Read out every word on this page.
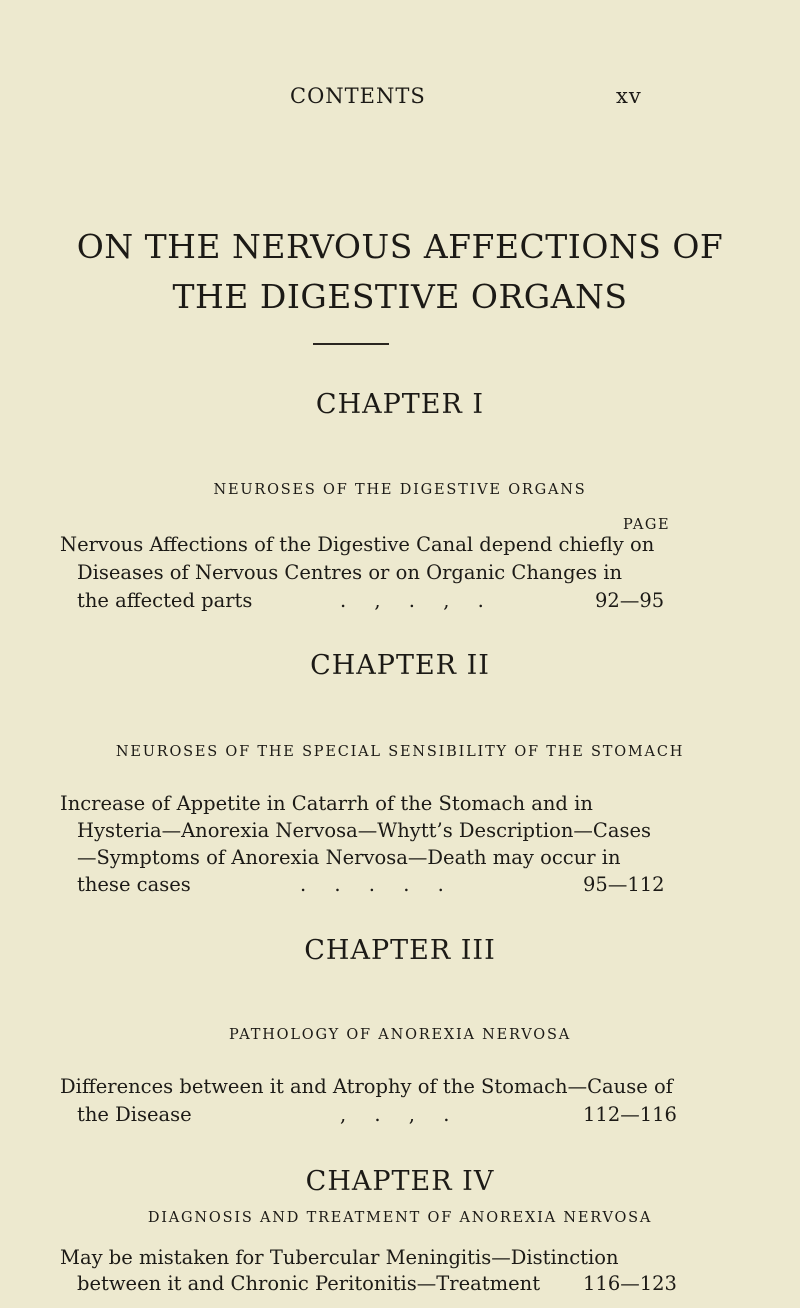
CONTENTS	xv
ON THE NERVOUS AFFECTIONS OF THE DIGESTIVE ORGANS
CHAPTER I
NEUROSES OF THE DIGESTIVE ORGANS
PAGE
Nervous Affections of the Digestive Canal depend chiefly on
Diseases of Nervous Centres or on Organic Changes in
the affected parts	. , . , .	92—95
CHAPTER II
NEUROSES OF THE SPECIAL SENSIBILITY OF THE STOMACH
Increase of Appetite in Catarrh of the Stomach and in
Hysteria—Anorexia Nervosa—Whytt’s Description—Cases
—Symptoms of Anorexia Nervosa—Death may occur in
these cases	. . . . .	95—112
CHAPTER III
PATHOLOGY OF ANOREXIA NERVOSA
Differences between it and Atrophy of the Stomach—Cause of
the Disease	, . , .	112—116
CHAPTER IV
DIAGNOSIS AND TREATMENT OF ANOREXIA NERVOSA
May be mistaken for Tubercular Meningitis—Distinction
between it and Chronic Peritonitis—Treatment 116—123
